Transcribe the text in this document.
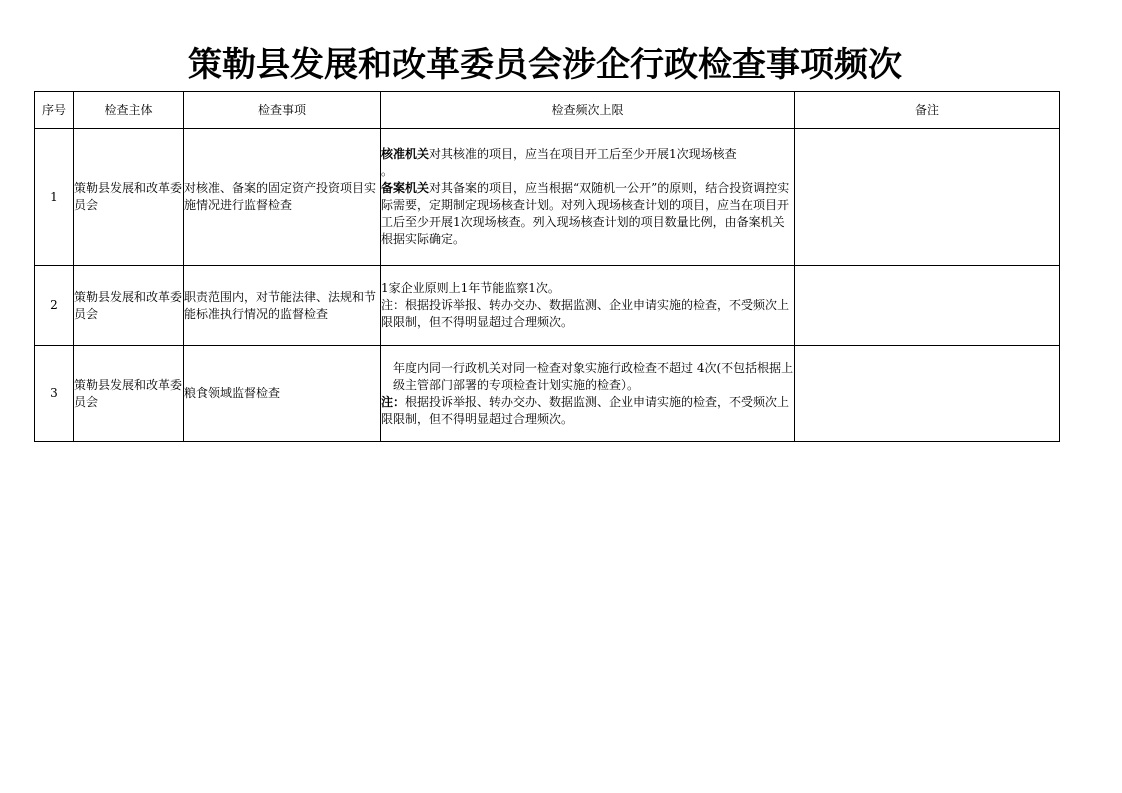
策勒县发展和改革委员会涉企行政检查事项频次
序号	检查主体	检查事项	检查频次上限	备注
1	策勒县发展和改革委员会	对核准、备案的固定资产投资项目实施情况进行监督检查	核准机关对其核准的项目，应当在项目开工后至少开展1次现场核查
。
备案机关对其备案的项目，应当根据“双随机一公开”的原则，结合投资调控实际需要，定期制定现场核查计划。对列入现场核查计划的项目，应当在项目开工后至少开展1次现场核查。列入现场核查计划的项目数量比例，由备案机关根据实际确定。	

2	策勒县发展和改革委员会	职责范围内，对节能法律、法规和节能标准执行情况的监督检查	1家企业原则上1年节能监察1次。
注：根据投诉举报、转办交办、数据监测、企业申请实施的检查，不受频次上限限制，但不得明显超过合理频次。	

3	策勒县发展和改革委员会	粮食领域监督检查	年度内同一行政机关对同一检查对象实施行政检查不超过 4次(不包括根据上级主管部门部署的专项检查计划实施的检查）。
注：根据投诉举报、转办交办、数据监测、企业申请实施的检查，不受频次上限限制，但不得明显超过合理频次。	
